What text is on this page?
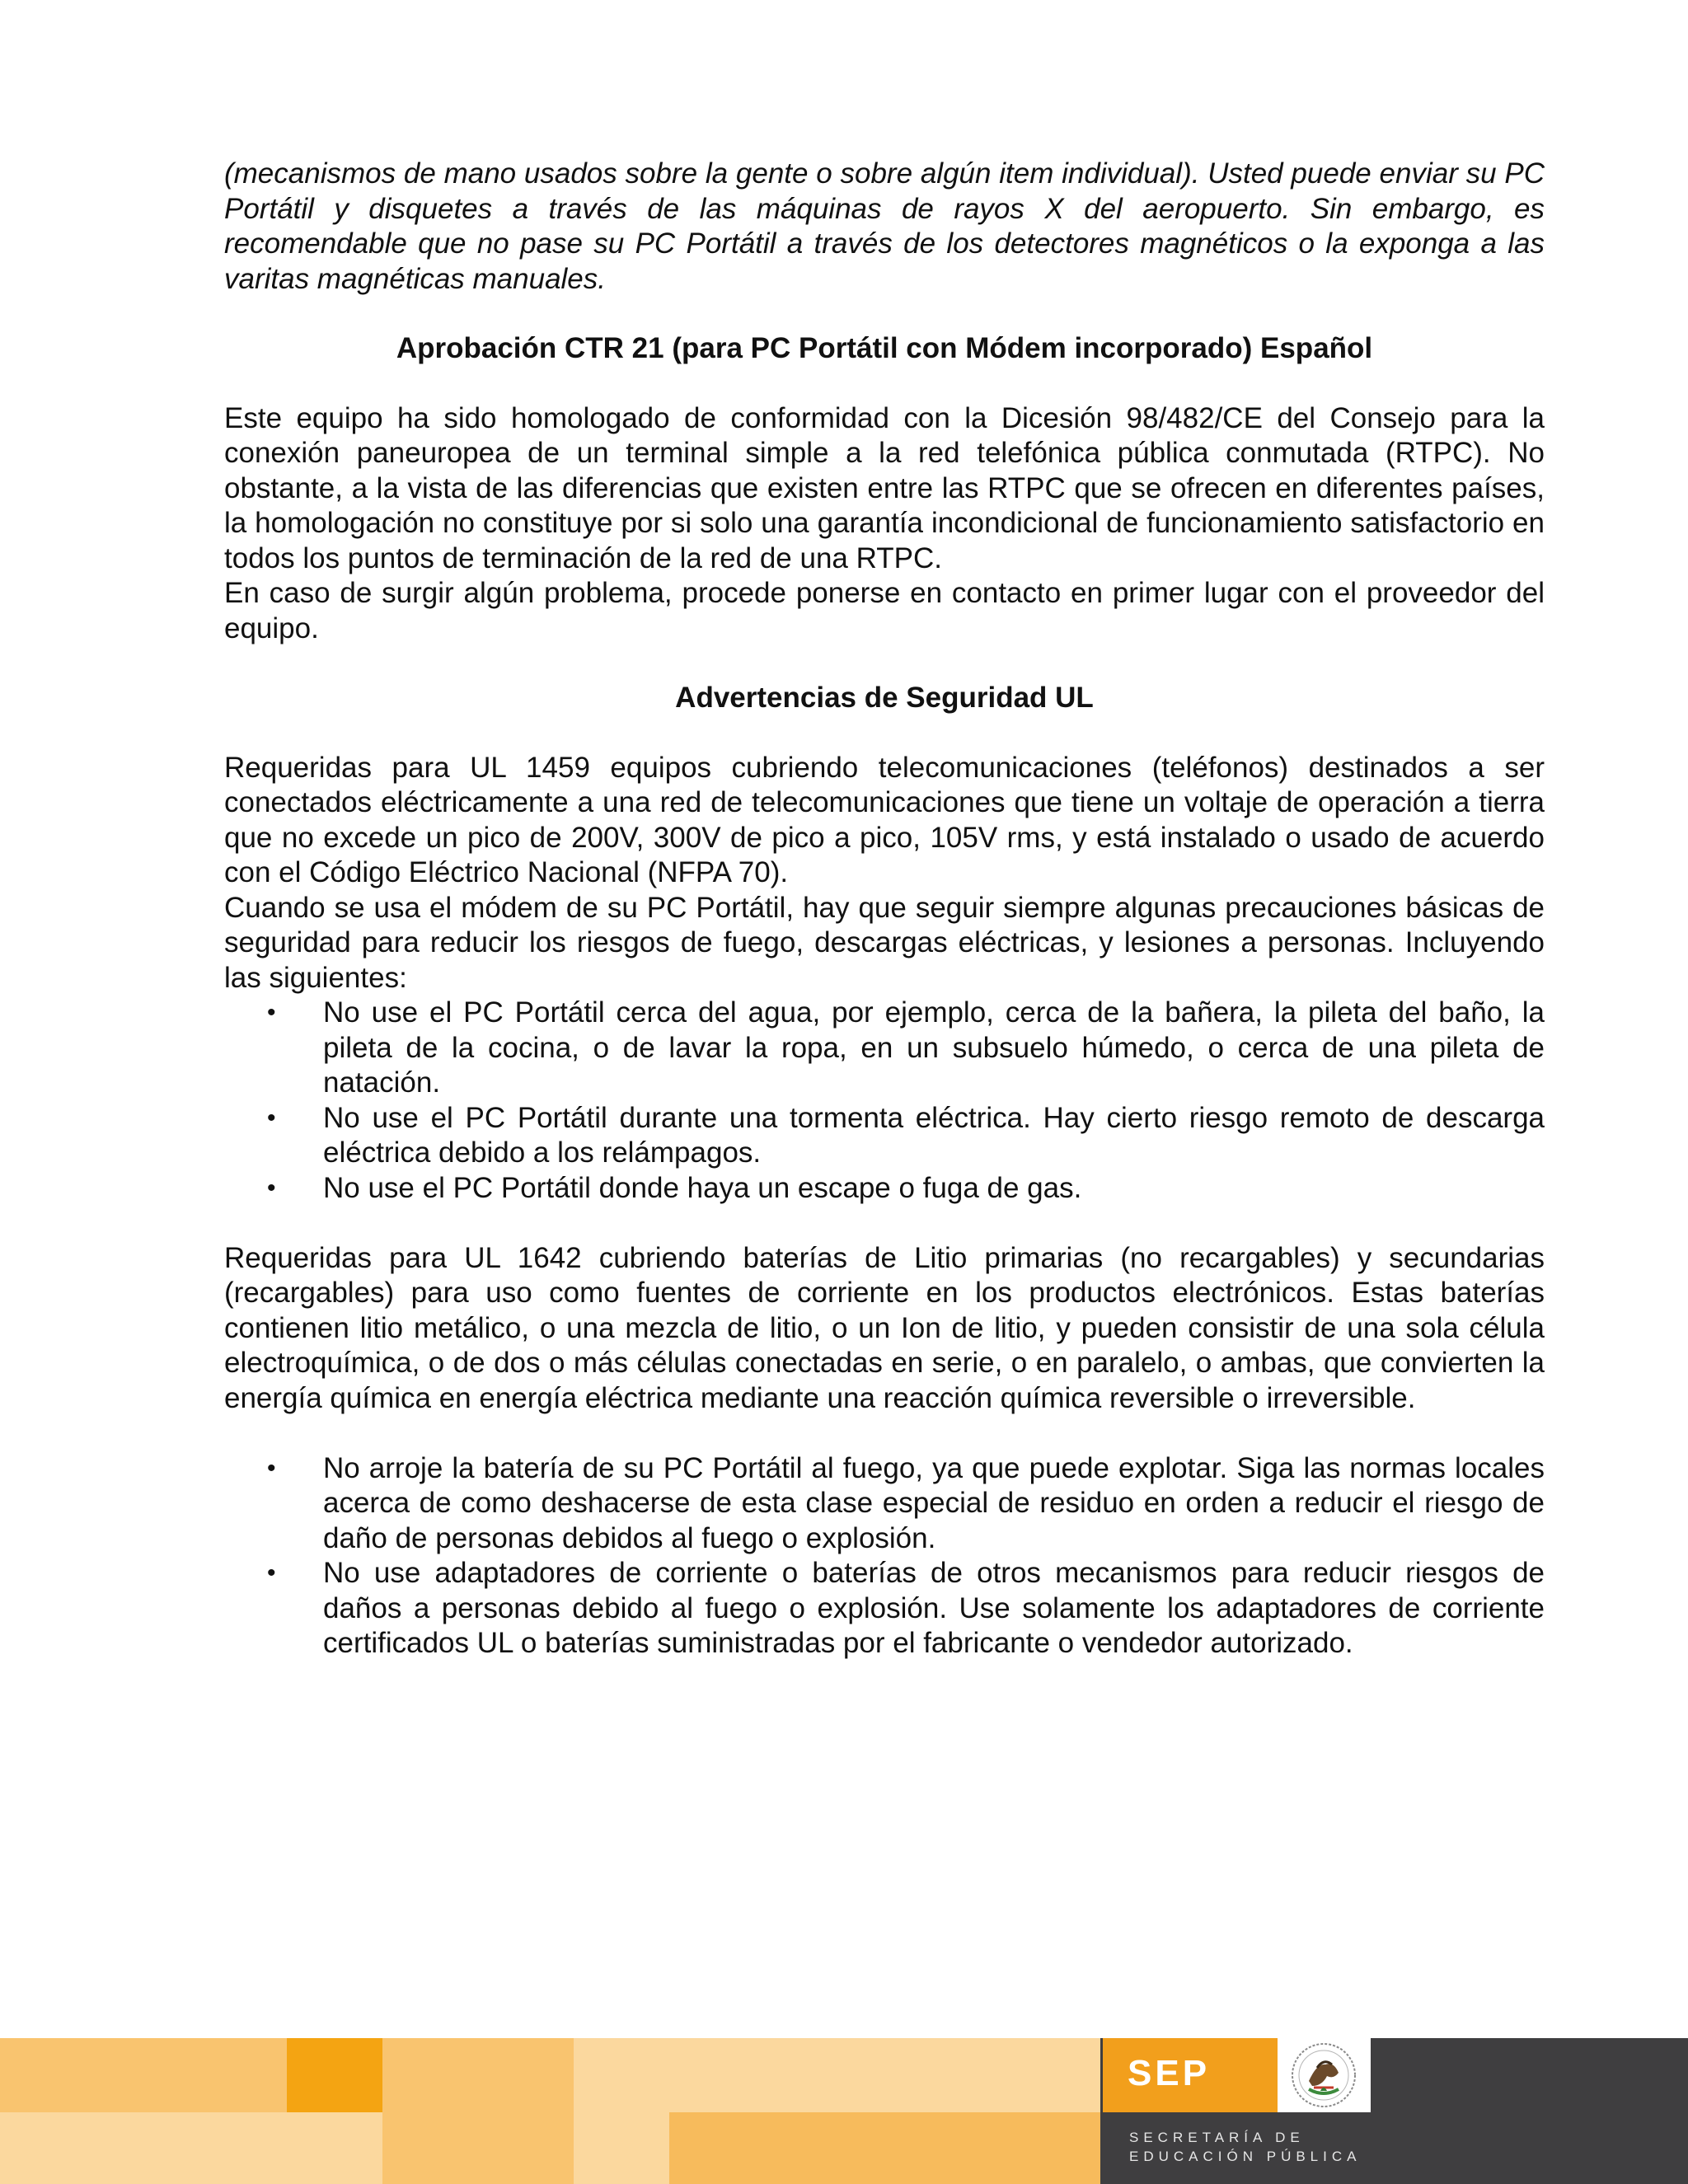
(mecanismos de mano usados sobre la gente o sobre algún item individual). Usted puede enviar su PC Portátil y disquetes a través de las máquinas de rayos X del aeropuerto. Sin embargo, es recomendable que no pase su PC Portátil a través de los detectores magnéticos o la exponga a las varitas magnéticas manuales.

Aprobación CTR 21 (para PC Portátil con Módem incorporado) Español

Este equipo ha sido homologado de conformidad con la Dicesión 98/482/CE del Consejo para la conexión paneuropea de un terminal simple a la red telefónica pública conmutada (RTPC). No obstante, a la vista de las diferencias que existen entre las RTPC que se ofrecen en diferentes países, la homologación no constituye por si solo una garantía incondicional de funcionamiento satisfactorio en todos los puntos de terminación de la red de una RTPC.

En caso de surgir algún problema, procede ponerse en contacto en primer lugar con el proveedor del equipo.

Advertencias de Seguridad UL

Requeridas para UL 1459 equipos cubriendo telecomunicaciones (teléfonos) destinados a ser conectados eléctricamente a una red de telecomunicaciones que tiene un voltaje de operación a tierra que no excede un pico de 200V, 300V de pico a pico, 105V rms, y está instalado o usado de acuerdo con el Código Eléctrico Nacional (NFPA 70).

Cuando se usa el módem de su PC Portátil, hay que seguir siempre algunas precauciones básicas de seguridad para reducir los riesgos de fuego, descargas eléctricas, y lesiones a personas. Incluyendo las siguientes:

• No use el PC Portátil cerca del agua, por ejemplo, cerca de la bañera, la pileta del baño, la pileta de la cocina, o de lavar la ropa, en un subsuelo húmedo, o cerca de una pileta de natación.
• No use el PC Portátil durante una tormenta eléctrica. Hay cierto riesgo remoto de descarga eléctrica debido a los relámpagos.
• No use el PC Portátil donde haya un escape o fuga de gas.

Requeridas para UL 1642 cubriendo baterías de Litio primarias (no recargables) y secundarias (recargables) para uso como fuentes de corriente en los productos electrónicos. Estas baterías contienen litio metálico, o una mezcla de litio, o un Ion de litio, y pueden consistir de una sola célula electroquímica, o de dos o más células conectadas en serie, o en paralelo, o ambas, que convierten la energía química en energía eléctrica mediante una reacción química reversible o irreversible.

• No arroje la batería de su PC Portátil al fuego, ya que puede explotar. Siga las normas locales acerca de como deshacerse de esta clase especial de residuo en orden a reducir el riesgo de daño de personas debidos al fuego o explosión.
• No use adaptadores de corriente o baterías de otros mecanismos para reducir riesgos de daños a personas debido al fuego o explosión. Use solamente los adaptadores de corriente certificados UL o baterías suministradas por el fabricante o vendedor autorizado.
SEP
SECRETARÍA DE
EDUCACIÓN PÚBLICA
